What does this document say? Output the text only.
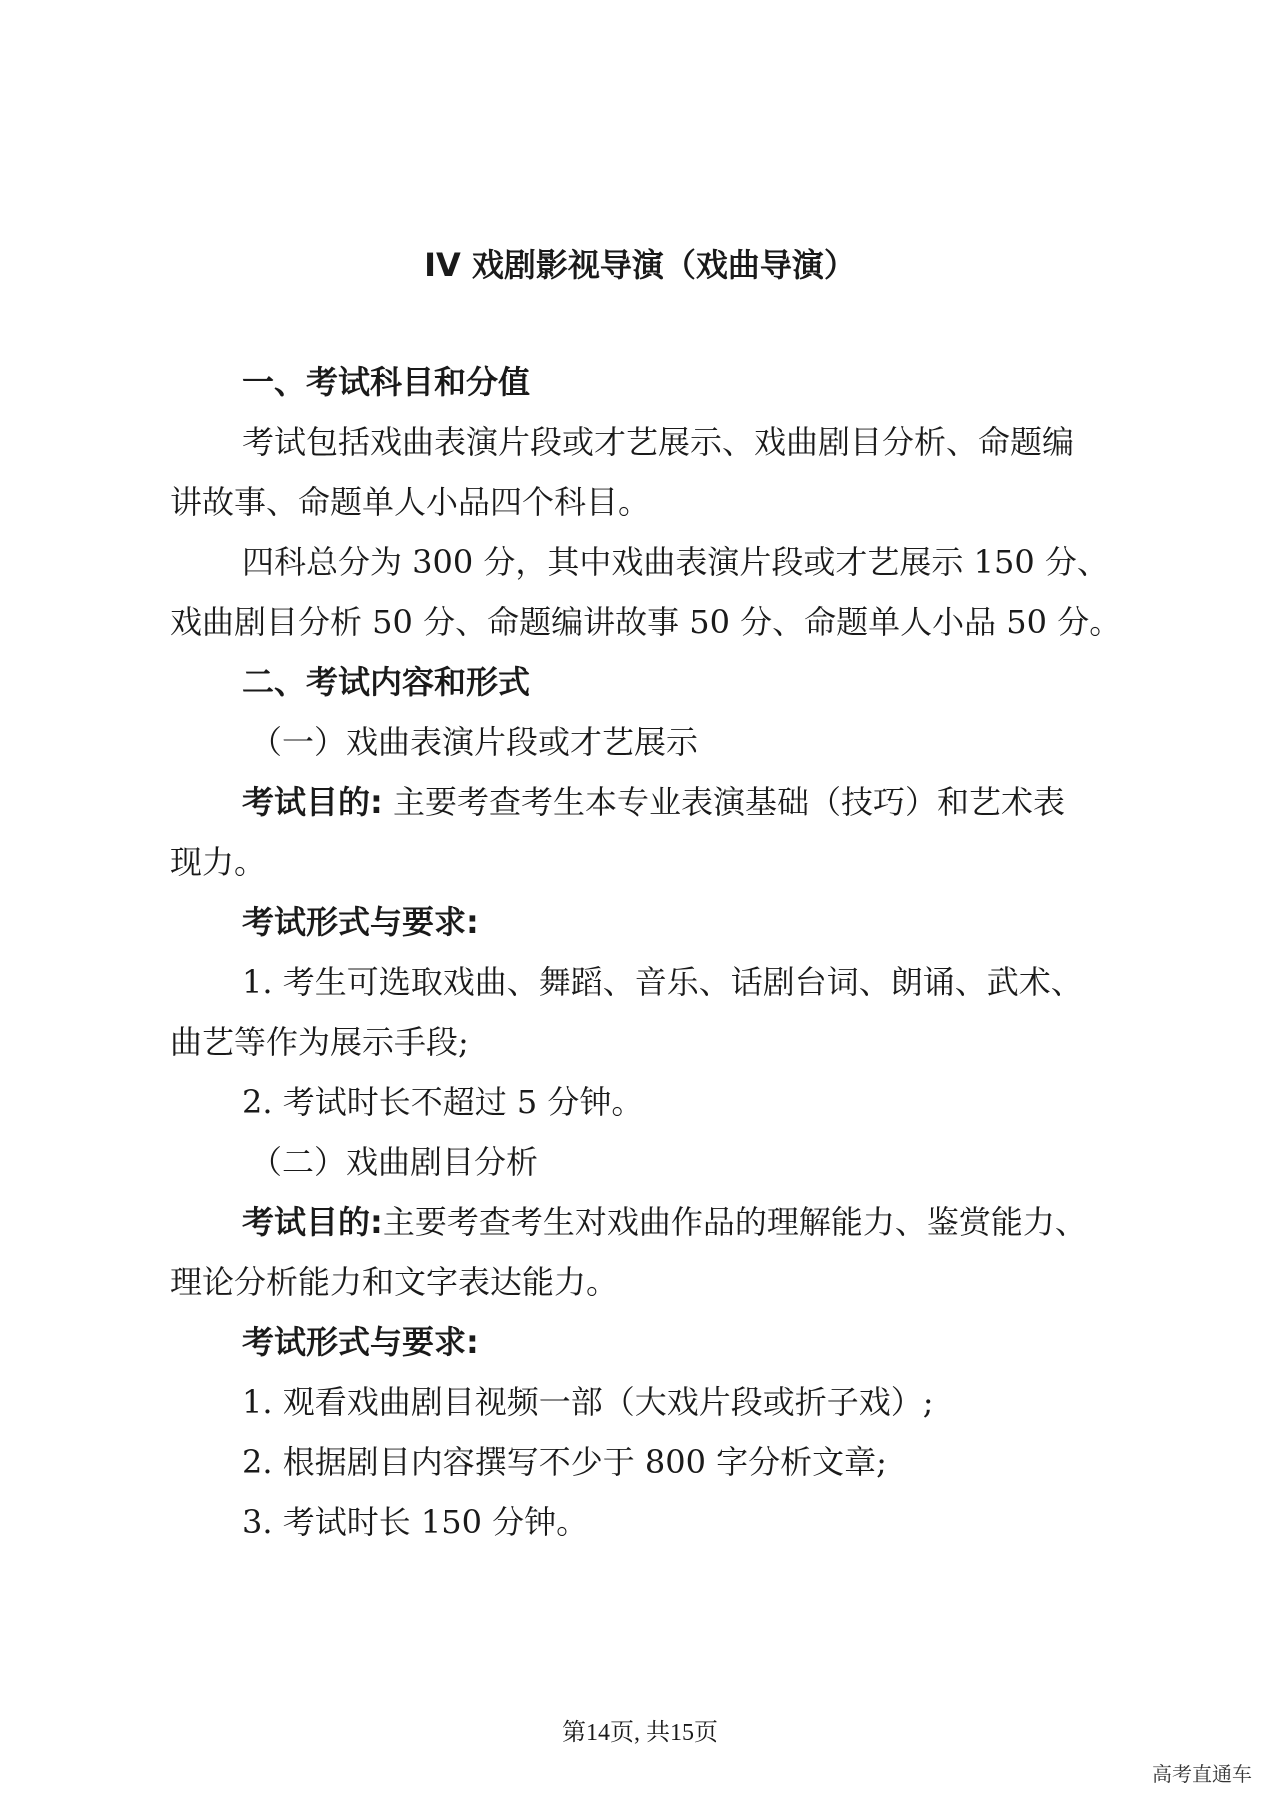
IV 戏剧影视导演（戏曲导演）
一、考试科目和分值
考试包括戏曲表演片段或才艺展示、戏曲剧目分析、命题编
讲故事、命题单人小品四个科目。
四科总分为 300 分，其中戏曲表演片段或才艺展示 150 分、
戏曲剧目分析 50 分、命题编讲故事 50 分、命题单人小品 50 分。
二、考试内容和形式
（一）戏曲表演片段或才艺展示
考试目的: 主要考查考生本专业表演基础（技巧）和艺术表
现力。
考试形式与要求:
1. 考生可选取戏曲、舞蹈、音乐、话剧台词、朗诵、武术、
曲艺等作为展示手段;
2. 考试时长不超过 5 分钟。
（二）戏曲剧目分析
考试目的:主要考查考生对戏曲作品的理解能力、鉴赏能力、
理论分析能力和文字表达能力。
考试形式与要求:
1. 观看戏曲剧目视频一部（大戏片段或折子戏）;
2. 根据剧目内容撰写不少于 800 字分析文章;
3. 考试时长 150 分钟。
第14页, 共15页
高考直通车
